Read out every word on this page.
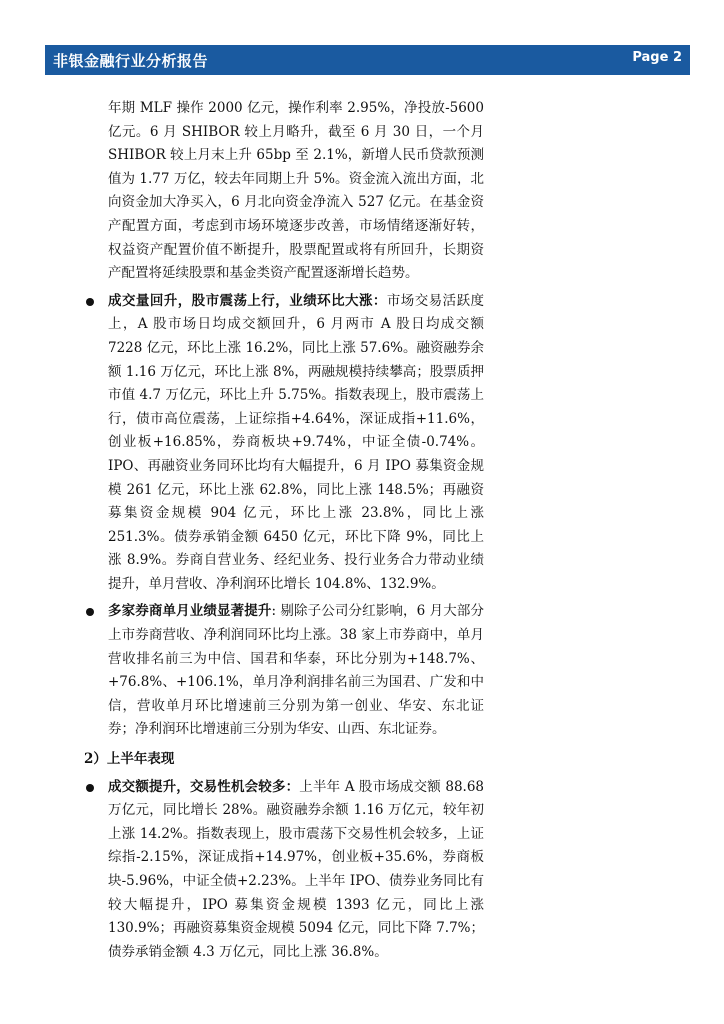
非银金融行业分析报告	Page 2

年期 MLF 操作 2000 亿元，操作利率 2.95%，净投放-5600 亿元。6 月 SHIBOR 较上月略升，截至 6 月 30 日，一个月 SHIBOR 较上月末上升 65bp 至 2.1%，新增人民币贷款预测值为 1.77 万亿，较去年同期上升 5%。资金流入流出方面，北向资金加大净买入，6 月北向资金净流入 527 亿元。在基金资产配置方面，考虑到市场环境逐步改善，市场情绪逐渐好转，权益资产配置价值不断提升，股票配置或将有所回升，长期资产配置将延续股票和基金类资产配置逐渐增长趋势。

成交量回升，股市震荡上行，业绩环比大涨：市场交易活跃度上，A 股市场日均成交额回升，6 月两市 A 股日均成交额 7228 亿元，环比上涨 16.2%，同比上涨 57.6%。融资融券余额 1.16 万亿元，环比上涨 8%，两融规模持续攀高；股票质押市值 4.7 万亿元，环比上升 5.75%。指数表现上，股市震荡上行，债市高位震荡，上证综指+4.64%，深证成指+11.6%，创业板+16.85%，券商板块+9.74%，中证全债-0.74%。IPO、再融资业务同环比均有大幅提升，6 月 IPO 募集资金规模 261 亿元，环比上涨 62.8%，同比上涨 148.5%；再融资募集资金规模 904 亿元，环比上涨 23.8%，同比上涨 251.3%。债券承销金额 6450 亿元，环比下降 9%，同比上涨 8.9%。券商自营业务、经纪业务、投行业务合力带动业绩提升，单月营收、净利润环比增长 104.8%、132.9%。

多家券商单月业绩显著提升: 剔除子公司分红影响，6 月大部分上市券商营收、净利润同环比均上涨。38 家上市券商中，单月营收排名前三为中信、国君和华泰，环比分别为+148.7%、+76.8%、+106.1%，单月净利润排名前三为国君、广发和中信，营收单月环比增速前三分别为第一创业、华安、东北证券；净利润环比增速前三分别为华安、山西、东北证券。

2）上半年表现

成交额提升，交易性机会较多：上半年 A 股市场成交额 88.68 万亿元，同比增长 28%。融资融券余额 1.16 万亿元，较年初上涨 14.2%。指数表现上，股市震荡下交易性机会较多，上证综指-2.15%，深证成指+14.97%，创业板+35.6%，券商板块-5.96%，中证全债+2.23%。上半年 IPO、债券业务同比有较大幅提升，IPO 募集资金规模 1393 亿元，同比上涨 130.9%；再融资募集资金规模 5094 亿元，同比下降 7.7%；债券承销金额 4.3 万亿元，同比上涨 36.8%。
